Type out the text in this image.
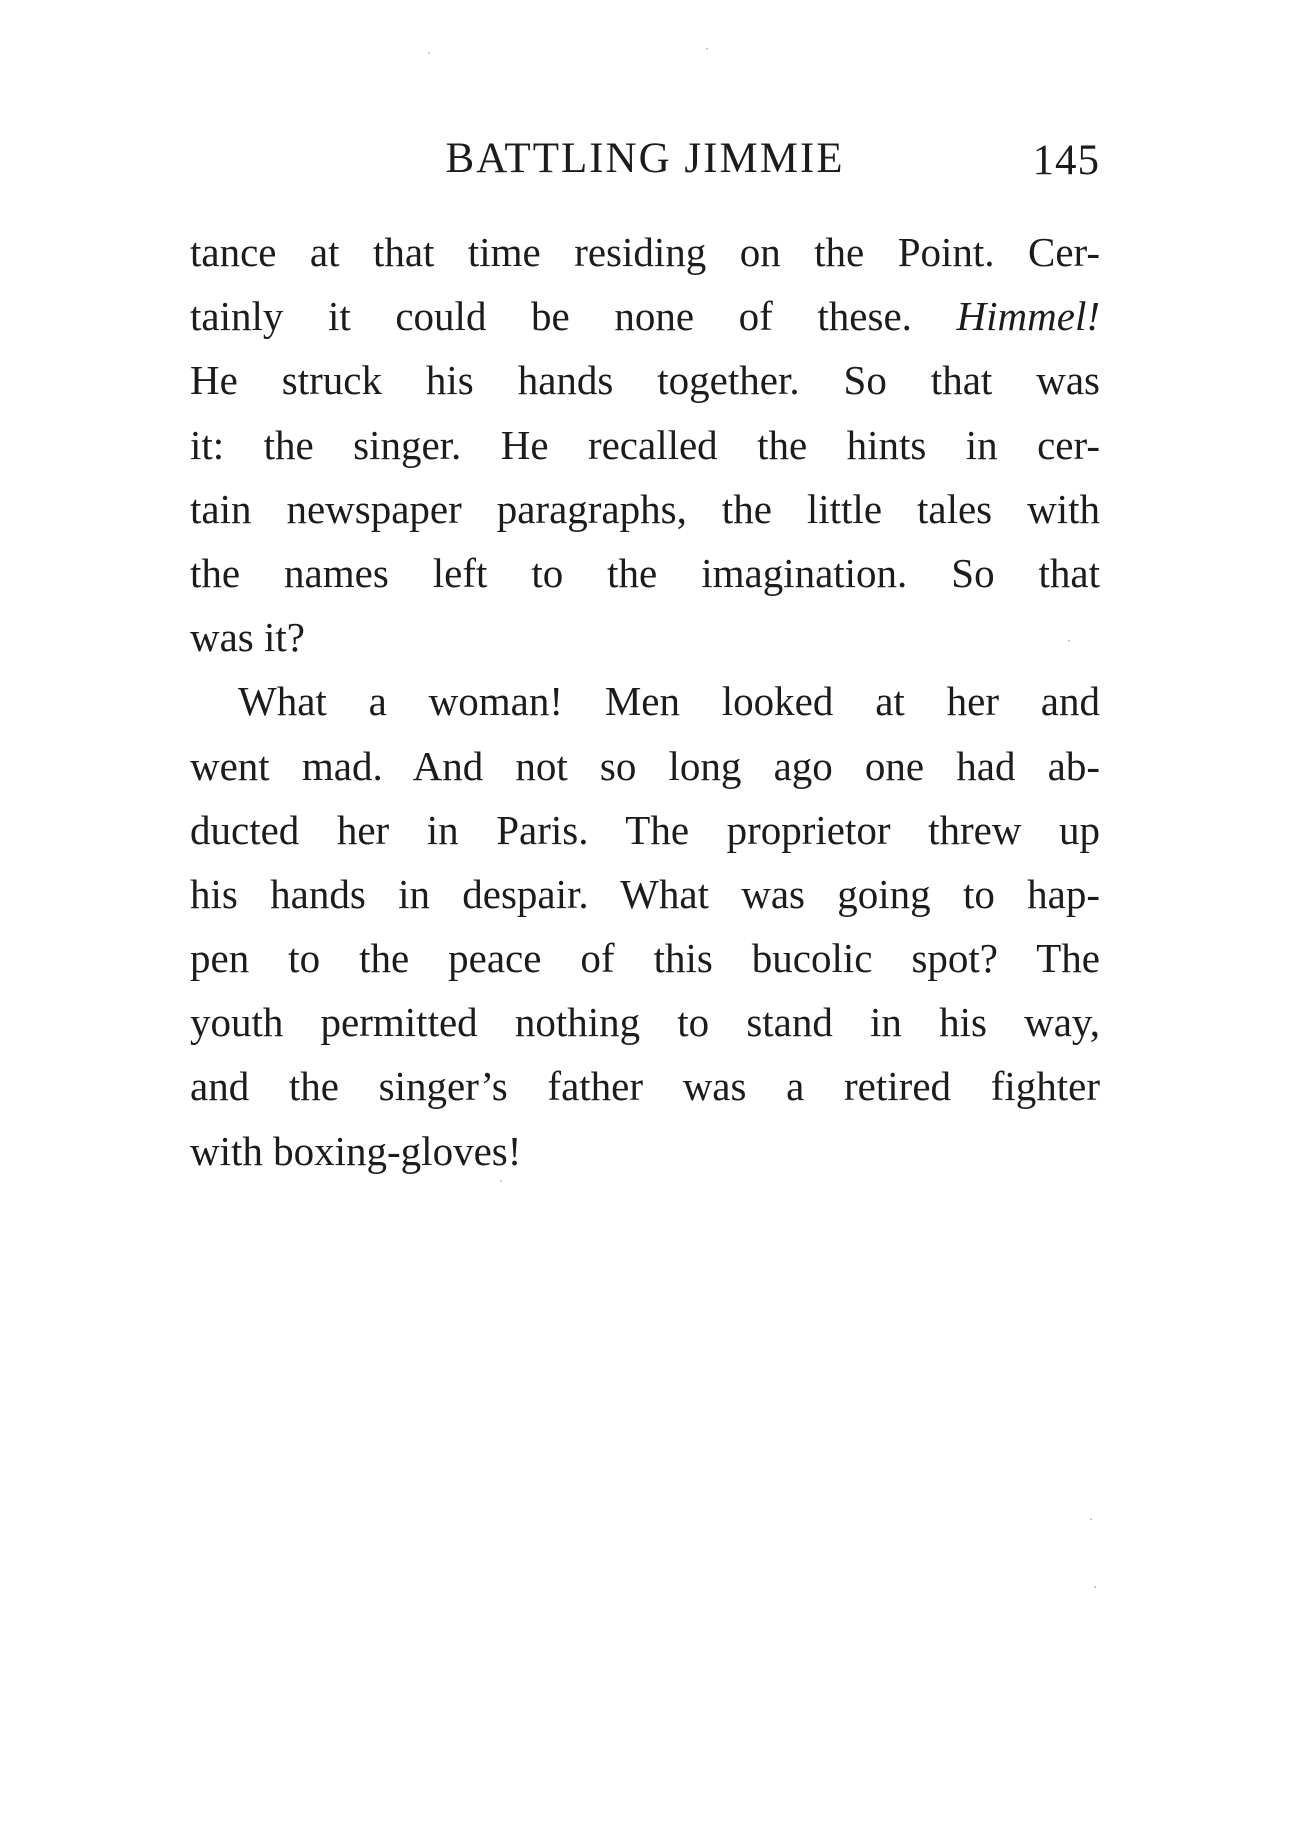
BATTLING JIMMIE	145
tance at that time residing on the Point. Cer-
tainly it could be none of these. Himmel!
He struck his hands together. So that was
it: the singer. He recalled the hints in cer-
tain newspaper paragraphs, the little tales with
the names left to the imagination. So that
was it?
What a woman! Men looked at her and
went mad. And not so long ago one had ab-
ducted her in Paris. The proprietor threw up
his hands in despair. What was going to hap-
pen to the peace of this bucolic spot? The
youth permitted nothing to stand in his way,
and the singer’s father was a retired fighter
with boxing-gloves!
